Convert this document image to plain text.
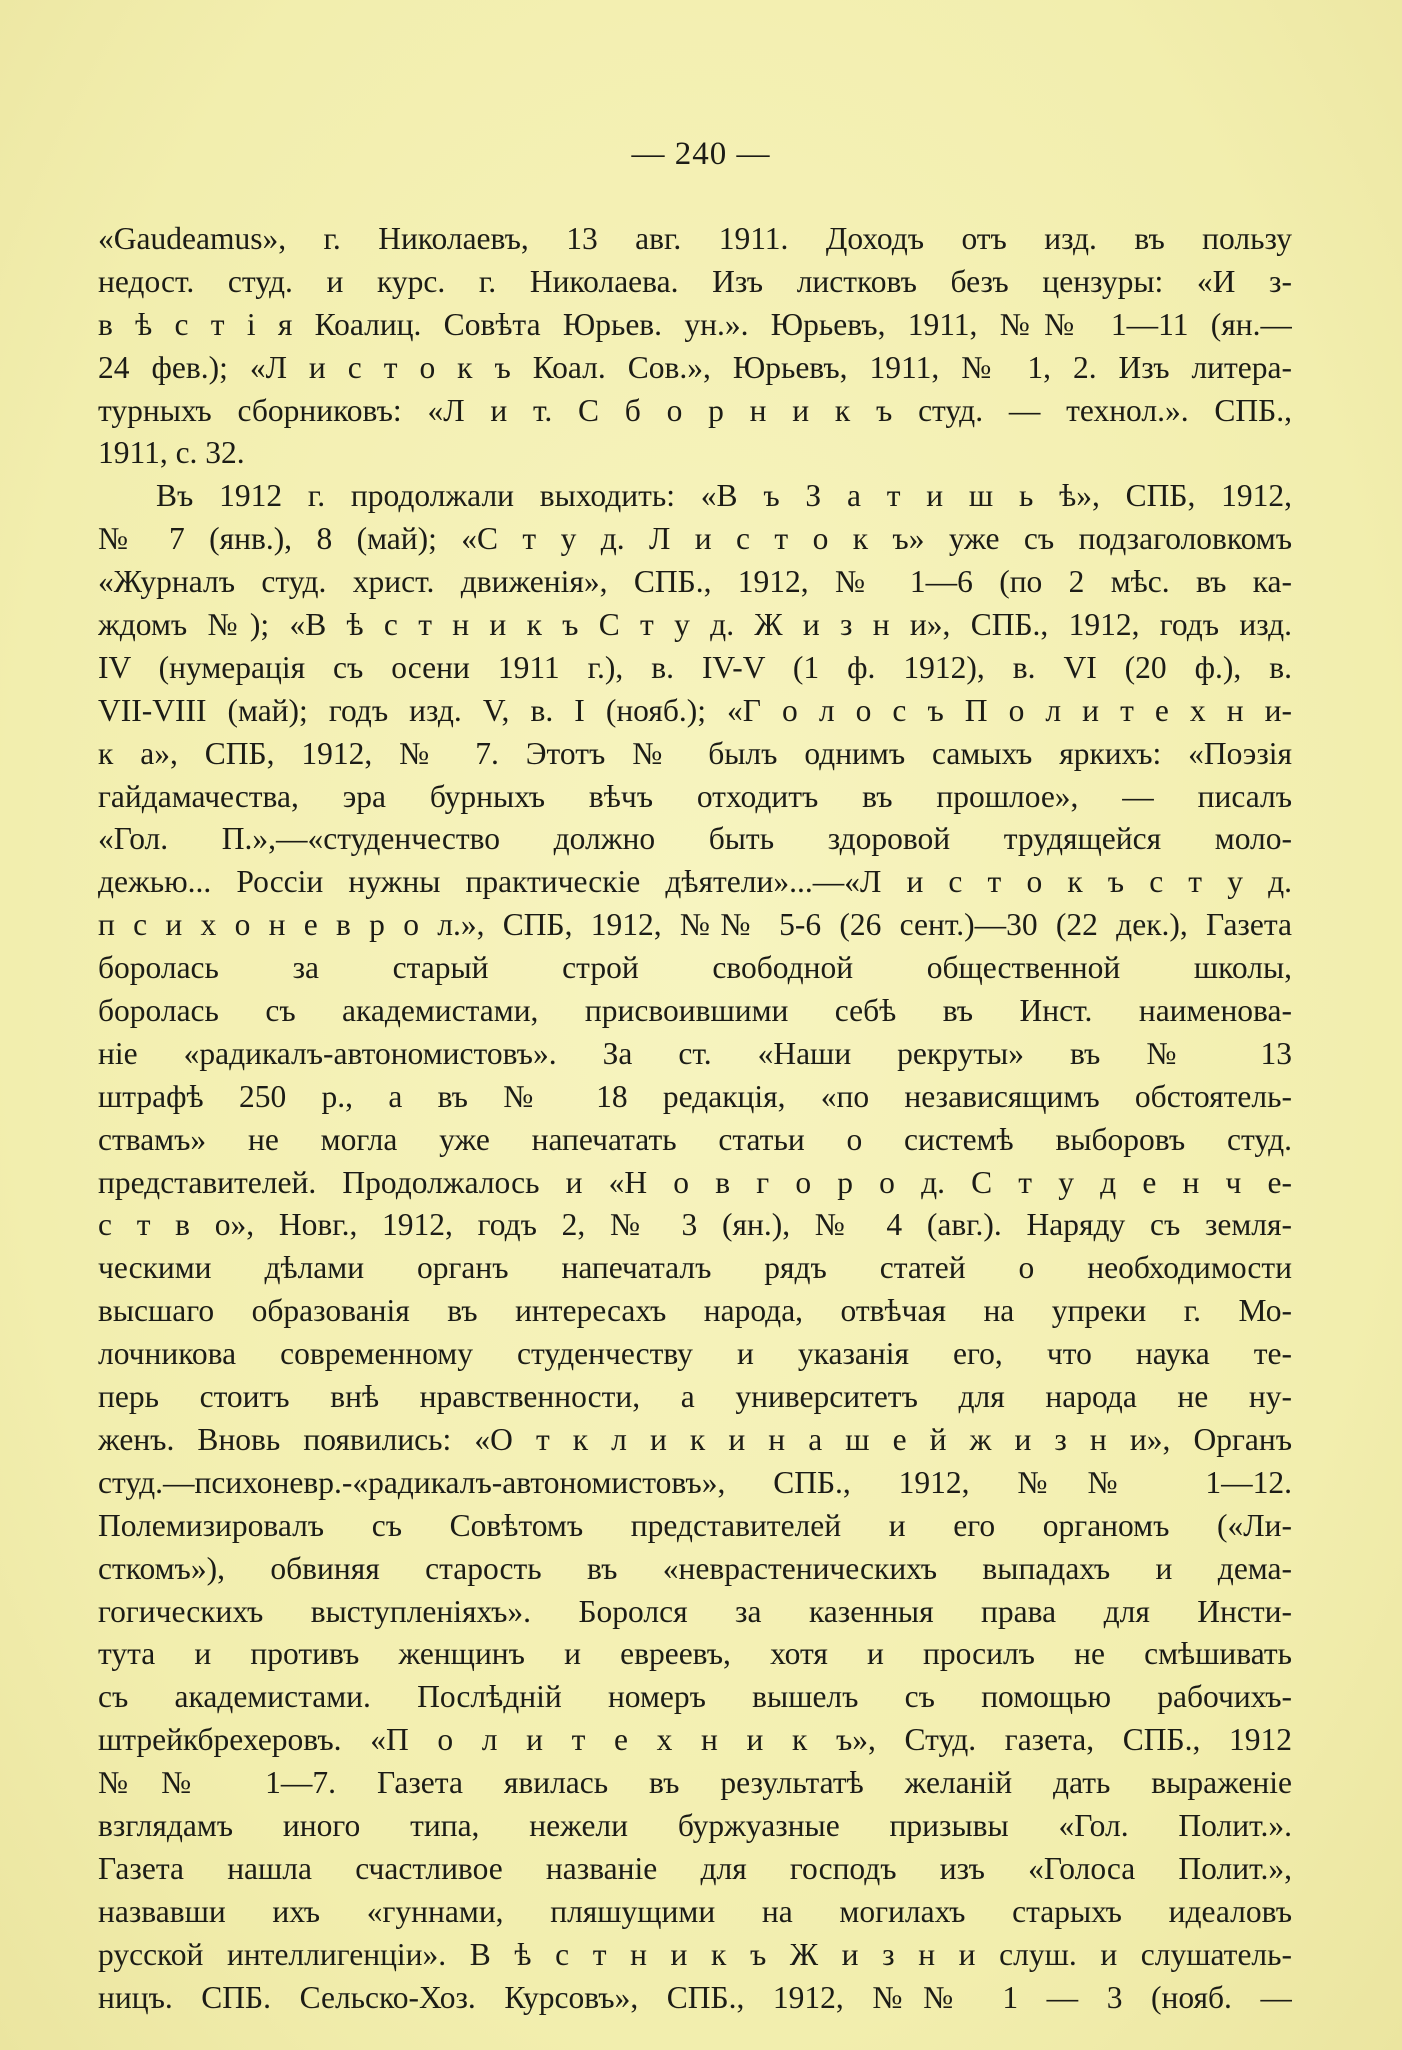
— 240 —
«Gaudeamus», г. Николаевъ, 13 авг. 1911. Доходъ отъ изд. въ пользу
недост. студ. и курс. г. Николаева. Изъ листковъ безъ цензуры: «И з-
в ѣ с т і я Коалиц. Совѣта Юрьев. ун.». Юрьевъ, 1911, №№ 1—11 (ян.—
24 фев.); «Л и с т о к ъ Коал. Сов.», Юрьевъ, 1911, № 1, 2. Изъ литера-
турныхъ сборниковъ: «Л и т. С б о р н и к ъ студ. — технол.». СПБ.,
1911, с. 32.
Въ 1912 г. продолжали выходить: «В ъ З а т и ш ь ѣ», СПБ, 1912,
№ 7 (янв.), 8 (май); «С т у д. Л и с т о к ъ» уже съ подзаголовкомъ
«Журналъ студ. христ. движенія», СПБ., 1912, № 1—6 (по 2 мѣс. въ ка-
ждомъ №); «В ѣ с т н и к ъ С т у д. Ж и з н и», СПБ., 1912, годъ изд.
IV (нумерація съ осени 1911 г.), в. IV-V (1 ф. 1912), в. VI (20 ф.), в.
VII-VIII (май); годъ изд. V, в. I (нояб.); «Г о л о с ъ П о л и т е х н и-
к а», СПБ, 1912, № 7. Этотъ № былъ однимъ самыхъ яркихъ: «Поэзія
гайдамачества, эра бурныхъ вѣчъ отходитъ въ прошлое», — писалъ
«Гол. П.»,—«студенчество должно быть здоровой трудящейся моло-
дежью... Россіи нужны практическіе дѣятели»...—«Л и с т о к ъ с т у д.
п с и х о н е в р о л.», СПБ, 1912, №№ 5-6 (26 сент.)—30 (22 дек.), Газета
боролась за старый строй свободной общественной школы,
боролась съ академистами, присвоившими себѣ въ Инст. наименова-
ніе «радикалъ-автономистовъ». За ст. «Наши рекруты» въ № 13
штрафѣ 250 р., а въ № 18 редакція, «по независящимъ обстоятель-
ствамъ» не могла уже напечатать статьи о системѣ выборовъ студ.
представителей. Продолжалось и «Н о в г о р о д. С т у д е н ч е-
с т в о», Новг., 1912, годъ 2, № 3 (ян.), № 4 (авг.). Наряду съ земля-
ческими дѣлами органъ напечаталъ рядъ статей о необходимости
высшаго образованія въ интересахъ народа, отвѣчая на упреки г. Мо-
лочникова современному студенчеству и указанія его, что наука те-
перь стоитъ внѣ нравственности, а университетъ для народа не ну-
женъ. Вновь появились: «О т к л и к и н а ш е й ж и з н и», Органъ
студ.—психоневр.-«радикалъ-автономистовъ», СПБ., 1912, №№ 1—12.
Полемизировалъ съ Совѣтомъ представителей и его органомъ («Ли-
сткомъ»), обвиняя старость въ «неврастеническихъ выпадахъ и дема-
гогическихъ выступленіяхъ». Боролся за казенныя права для Инсти-
тута и противъ женщинъ и евреевъ, хотя и просилъ не смѣшивать
съ академистами. Послѣдній номеръ вышелъ съ помощью рабочихъ-
штрейкбрехеровъ. «П о л и т е х н и к ъ», Студ. газета, СПБ., 1912
№№ 1—7. Газета явилась въ результатѣ желаній дать выраженіе
взглядамъ иного типа, нежели буржуазные призывы «Гол. Полит.».
Газета нашла счастливое названіе для господъ изъ «Голоса Полит.»,
назвавши ихъ «гуннами, пляшущими на могилахъ старыхъ идеаловъ
русской интеллигенціи». В ѣ с т н и к ъ Ж и з н и слуш. и слушатель-
ницъ. СПБ. Сельско-Хоз. Курсовъ», СПБ., 1912, №№ 1 — 3 (нояб. —
